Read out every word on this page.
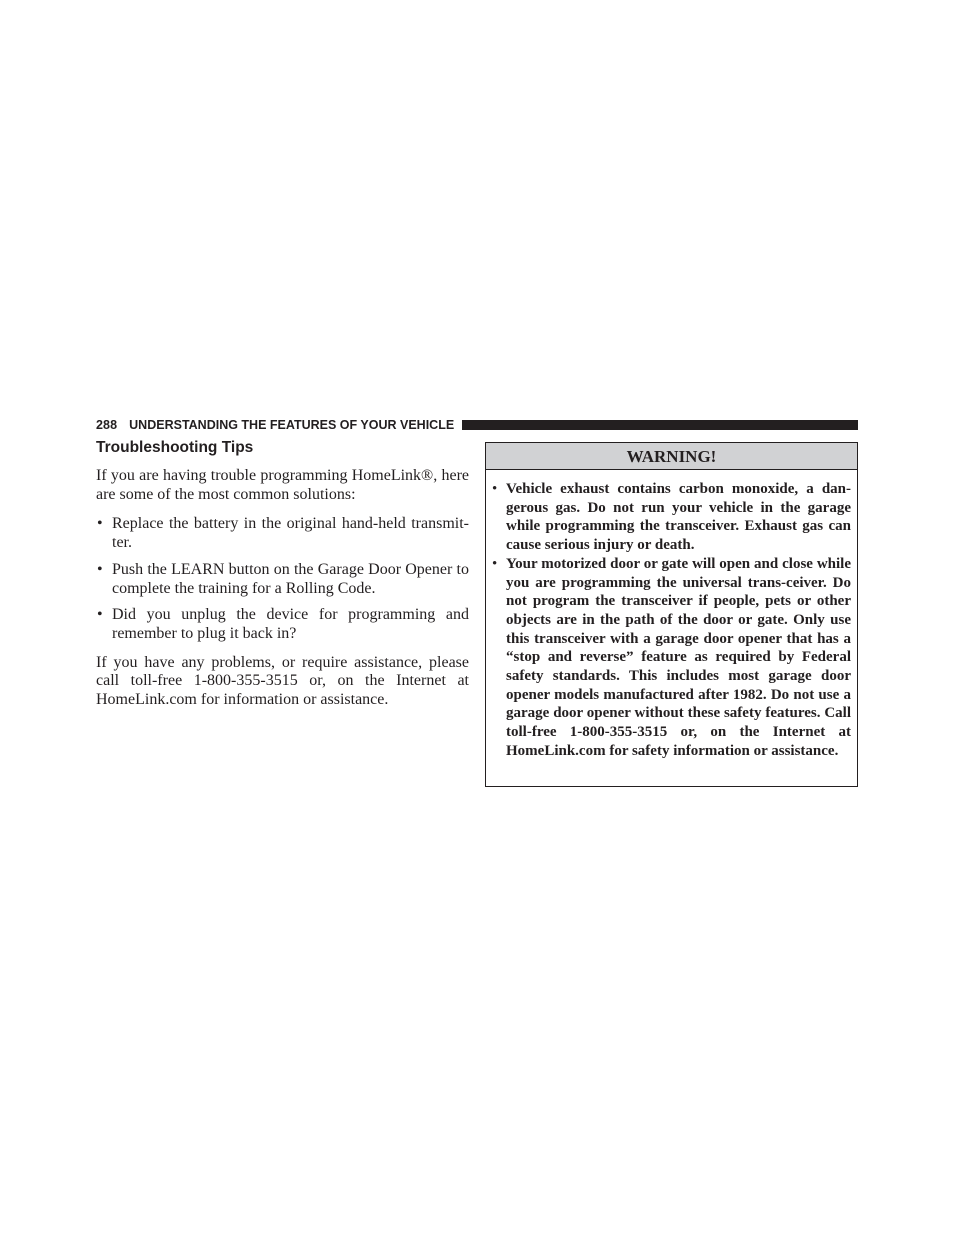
288 UNDERSTANDING THE FEATURES OF YOUR VEHICLE
Troubleshooting Tips

If you are having trouble programming HomeLink®, here are some of the most common solutions:

• Replace the battery in the original hand-held transmit-ter.
• Push the LEARN button on the Garage Door Opener to complete the training for a Rolling Code.
• Did you unplug the device for programming and remember to plug it back in?

If you have any problems, or require assistance, please call toll-free 1-800-355-3515 or, on the Internet at HomeLink.com for information or assistance.

WARNING!
• Vehicle exhaust contains carbon monoxide, a dan-gerous gas. Do not run your vehicle in the garage while programming the transceiver. Exhaust gas can cause serious injury or death.
• Your motorized door or gate will open and close while you are programming the universal trans-ceiver. Do not program the transceiver if people, pets or other objects are in the path of the door or gate. Only use this transceiver with a garage door opener that has a “stop and reverse” feature as required by Federal safety standards. This includes most garage door opener models manufactured after 1982. Do not use a garage door opener without these safety features. Call toll-free 1-800-355-3515 or, on the Internet at HomeLink.com for safety information or assistance.
